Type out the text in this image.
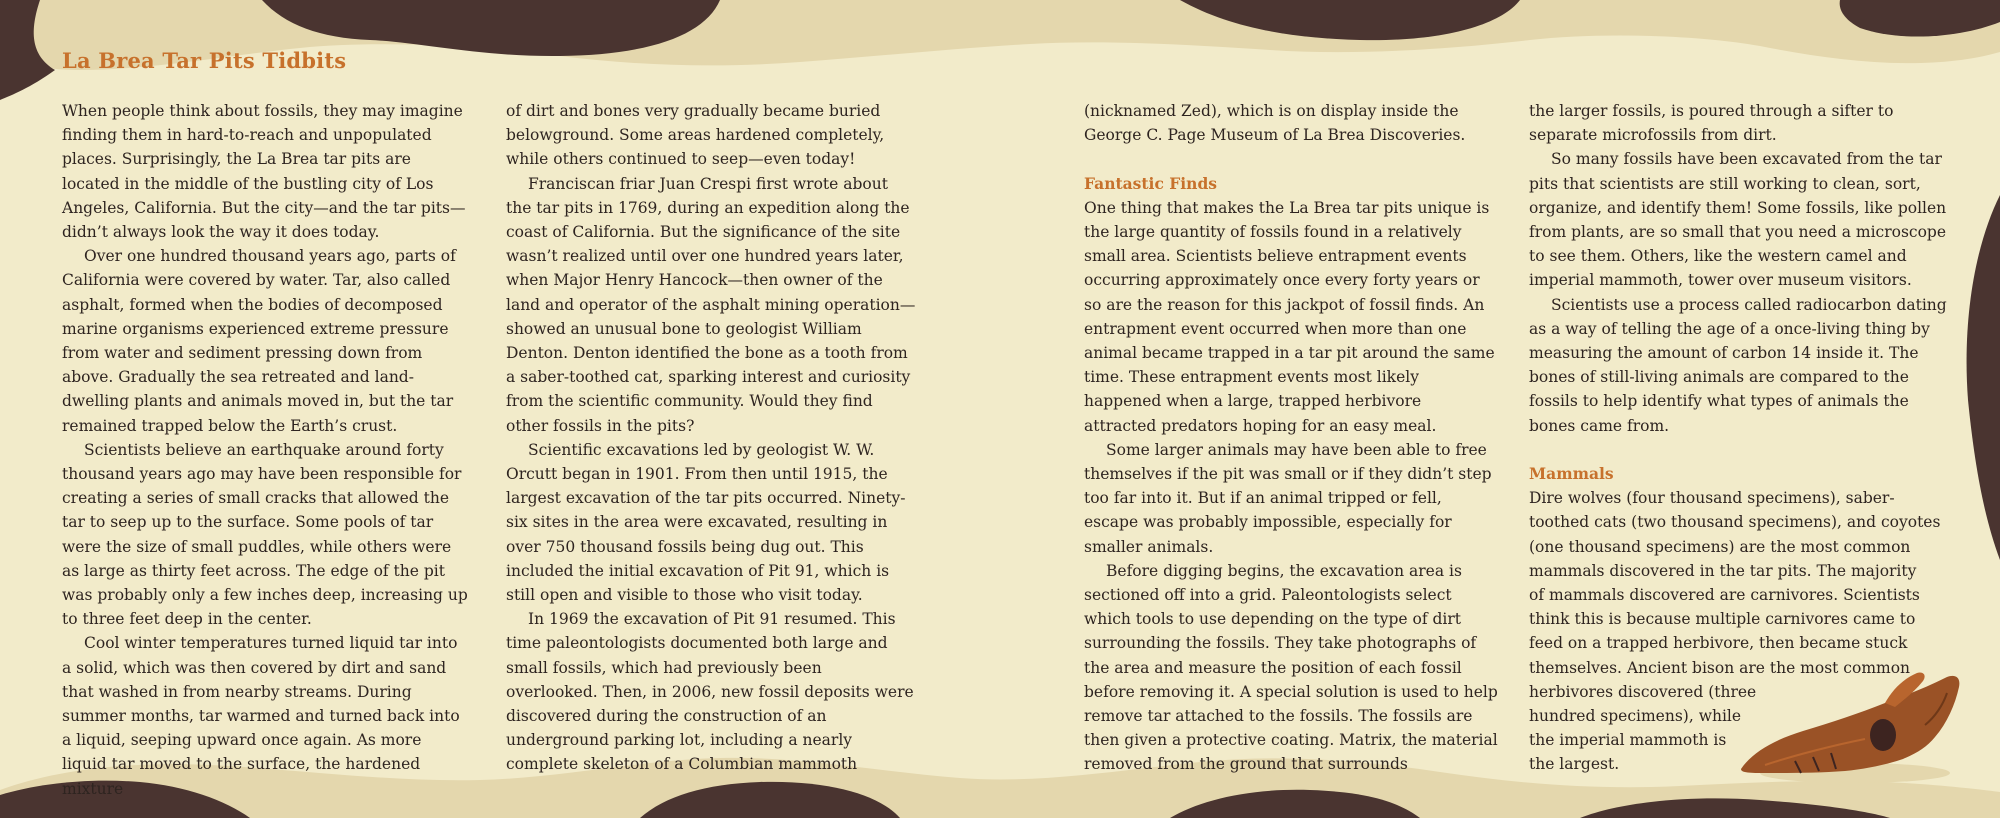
La Brea Tar Pits Tidbits

When people think about fossils, they may imagine finding them in hard-to-reach and unpopulated places. Surprisingly, the La Brea tar pits are located in the middle of the bustling city of Los Angeles, California. But the city—and the tar pits—didn’t always look the way it does today.

Over one hundred thousand years ago, parts of California were covered by water. Tar, also called asphalt, formed when the bodies of decomposed marine organisms experienced extreme pressure from water and sediment pressing down from above. Gradually the sea retreated and land-dwelling plants and animals moved in, but the tar remained trapped below the Earth’s crust.

Scientists believe an earthquake around forty thousand years ago may have been responsible for creating a series of small cracks that allowed the tar to seep up to the surface. Some pools of tar were the size of small puddles, while others were as large as thirty feet across. The edge of the pit was probably only a few inches deep, increasing up to three feet deep in the center.

Cool winter temperatures turned liquid tar into a solid, which was then covered by dirt and sand that washed in from nearby streams. During summer months, tar warmed and turned back into a liquid, seeping upward once again. As more liquid tar moved to the surface, the hardened mixture

of dirt and bones very gradually became buried belowground. Some areas hardened completely, while others continued to seep—even today!

Franciscan friar Juan Crespi first wrote about the tar pits in 1769, during an expedition along the coast of California. But the significance of the site wasn’t realized until over one hundred years later, when Major Henry Hancock—then owner of the land and operator of the asphalt mining operation—showed an unusual bone to geologist William Denton. Denton identified the bone as a tooth from a saber-toothed cat, sparking interest and curiosity from the scientific community. Would they find other fossils in the pits?

Scientific excavations led by geologist W. W. Orcutt began in 1901. From then until 1915, the largest excavation of the tar pits occurred. Ninety-six sites in the area were excavated, resulting in over 750 thousand fossils being dug out. This included the initial excavation of Pit 91, which is still open and visible to those who visit today.

In 1969 the excavation of Pit 91 resumed. This time paleontologists documented both large and small fossils, which had previously been overlooked. Then, in 2006, new fossil deposits were discovered during the construction of an underground parking lot, including a nearly complete skeleton of a Columbian mammoth

(nicknamed Zed), which is on display inside the George C. Page Museum of La Brea Discoveries.

Fantastic Finds

One thing that makes the La Brea tar pits unique is the large quantity of fossils found in a relatively small area. Scientists believe entrapment events occurring approximately once every forty years or so are the reason for this jackpot of fossil finds. An entrapment event occurred when more than one animal became trapped in a tar pit around the same time. These entrapment events most likely happened when a large, trapped herbivore attracted predators hoping for an easy meal.

Some larger animals may have been able to free themselves if the pit was small or if they didn’t step too far into it. But if an animal tripped or fell, escape was probably impossible, especially for smaller animals.

Before digging begins, the excavation area is sectioned off into a grid. Paleontologists select which tools to use depending on the type of dirt surrounding the fossils. They take photographs of the area and measure the position of each fossil before removing it. A special solution is used to help remove tar attached to the fossils. The fossils are then given a protective coating. Matrix, the material removed from the ground that surrounds

the larger fossils, is poured through a sifter to separate microfossils from dirt.

So many fossils have been excavated from the tar pits that scientists are still working to clean, sort, organize, and identify them! Some fossils, like pollen from plants, are so small that you need a microscope to see them. Others, like the western camel and imperial mammoth, tower over museum visitors.

Scientists use a process called radiocarbon dating as a way of telling the age of a once-living thing by measuring the amount of carbon 14 inside it. The bones of still-living animals are compared to the fossils to help identify what types of animals the bones came from.

Mammals

Dire wolves (four thousand specimens), saber-
toothed cats (two thousand specimens), and coyotes
(one thousand specimens) are the most common
mammals discovered in the tar pits. The majority
of mammals discovered are carnivores. Scientists
think this is because multiple carnivores came to
feed on a trapped herbivore, then became stuck
themselves. Ancient bison are the most common
herbivores discovered (three
hundred specimens), while
the imperial mammoth is
the largest.
